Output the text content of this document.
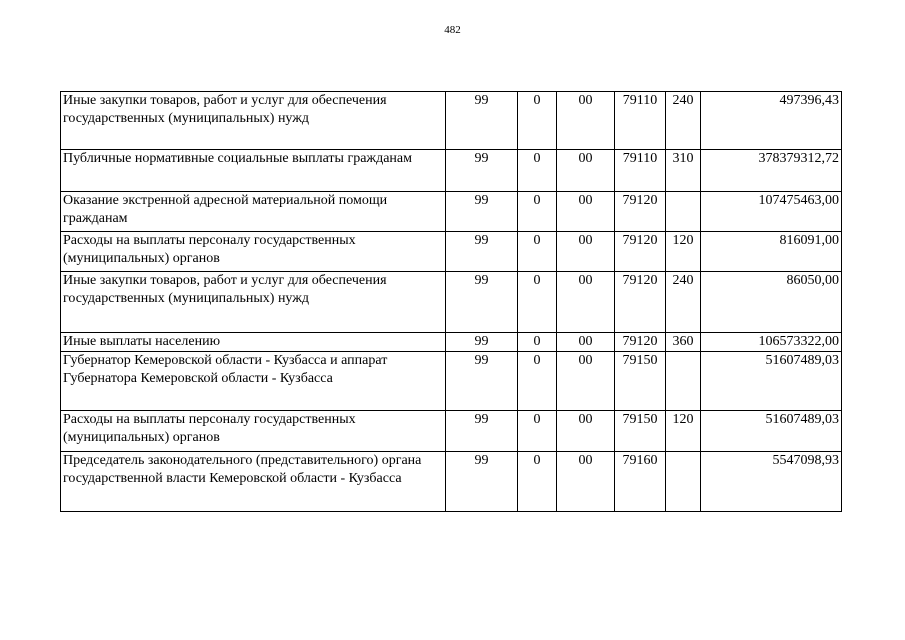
482
Иные закупки товаров, работ и услуг для обеспечения государственных (муниципальных) нужд	99	0	00	79110	240	497396,43
Публичные нормативные социальные выплаты гражданам	99	0	00	79110	310	378379312,72
Оказание экстренной адресной материальной помощи гражданам	99	0	00	79120		107475463,00
Расходы на выплаты персоналу государственных (муниципальных) органов	99	0	00	79120	120	816091,00
Иные закупки товаров, работ и услуг для обеспечения государственных (муниципальных) нужд	99	0	00	79120	240	86050,00
Иные выплаты населению	99	0	00	79120	360	106573322,00
Губернатор Кемеровской области - Кузбасса и аппарат Губернатора Кемеровской области - Кузбасса	99	0	00	79150		51607489,03
Расходы на выплаты персоналу государственных (муниципальных) органов	99	0	00	79150	120	51607489,03
Председатель законодательного (представительного) органа государственной власти Кемеровской области - Кузбасса	99	0	00	79160		5547098,93
